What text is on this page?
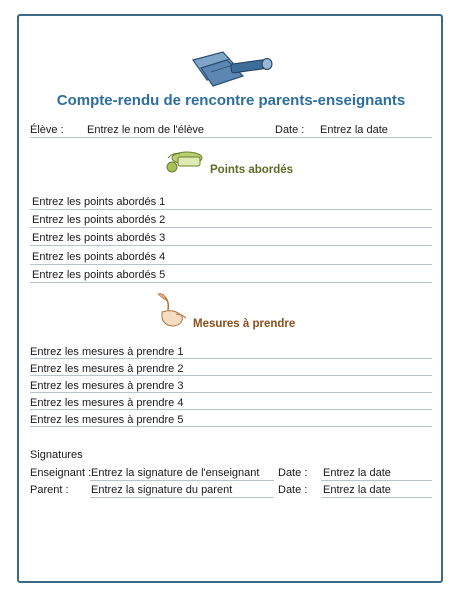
Compte-rendu de rencontre parents-enseignants
Élève : Entrez le nom de l'élève	Date : Entrez la date
Points abordés
Entrez les points abordés 1
Entrez les points abordés 2
Entrez les points abordés 3
Entrez les points abordés 4
Entrez les points abordés 5
Mesures à prendre
Entrez les mesures à prendre 1
Entrez les mesures à prendre 2
Entrez les mesures à prendre 3
Entrez les mesures à prendre 4
Entrez les mesures à prendre 5
Signatures
Enseignant : Entrez la signature de l'enseignant Date : Entrez la date
Parent : Entrez la signature du parent	Date : Entrez la date
